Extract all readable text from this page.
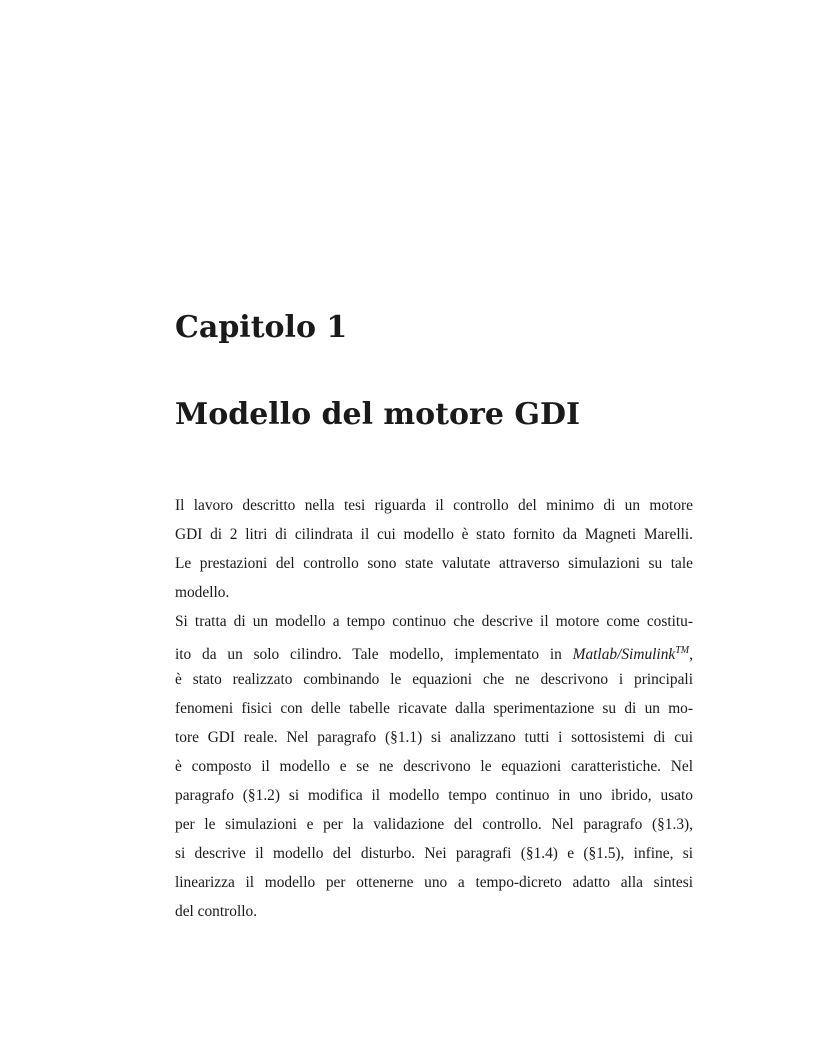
Capitolo 1
Modello del motore GDI
Il lavoro descritto nella tesi riguarda il controllo del minimo di un motore
GDI di 2 litri di cilindrata il cui modello è stato fornito da Magneti Marelli.
Le prestazioni del controllo sono state valutate attraverso simulazioni su tale
modello.
Si tratta di un modello a tempo continuo che descrive il motore come costitu-
ito da un solo cilindro. Tale modello, implementato in Matlab/Simulink™,
è stato realizzato combinando le equazioni che ne descrivono i principali
fenomeni fisici con delle tabelle ricavate dalla sperimentazione su di un mo-
tore GDI reale. Nel paragrafo (§1.1) si analizzano tutti i sottosistemi di cui
è composto il modello e se ne descrivono le equazioni caratteristiche. Nel
paragrafo (§1.2) si modifica il modello tempo continuo in uno ibrido, usato
per le simulazioni e per la validazione del controllo. Nel paragrafo (§1.3),
si descrive il modello del disturbo. Nei paragrafi (§1.4) e (§1.5), infine, si
linearizza il modello per ottenerne uno a tempo-dicreto adatto alla sintesi
del controllo.
